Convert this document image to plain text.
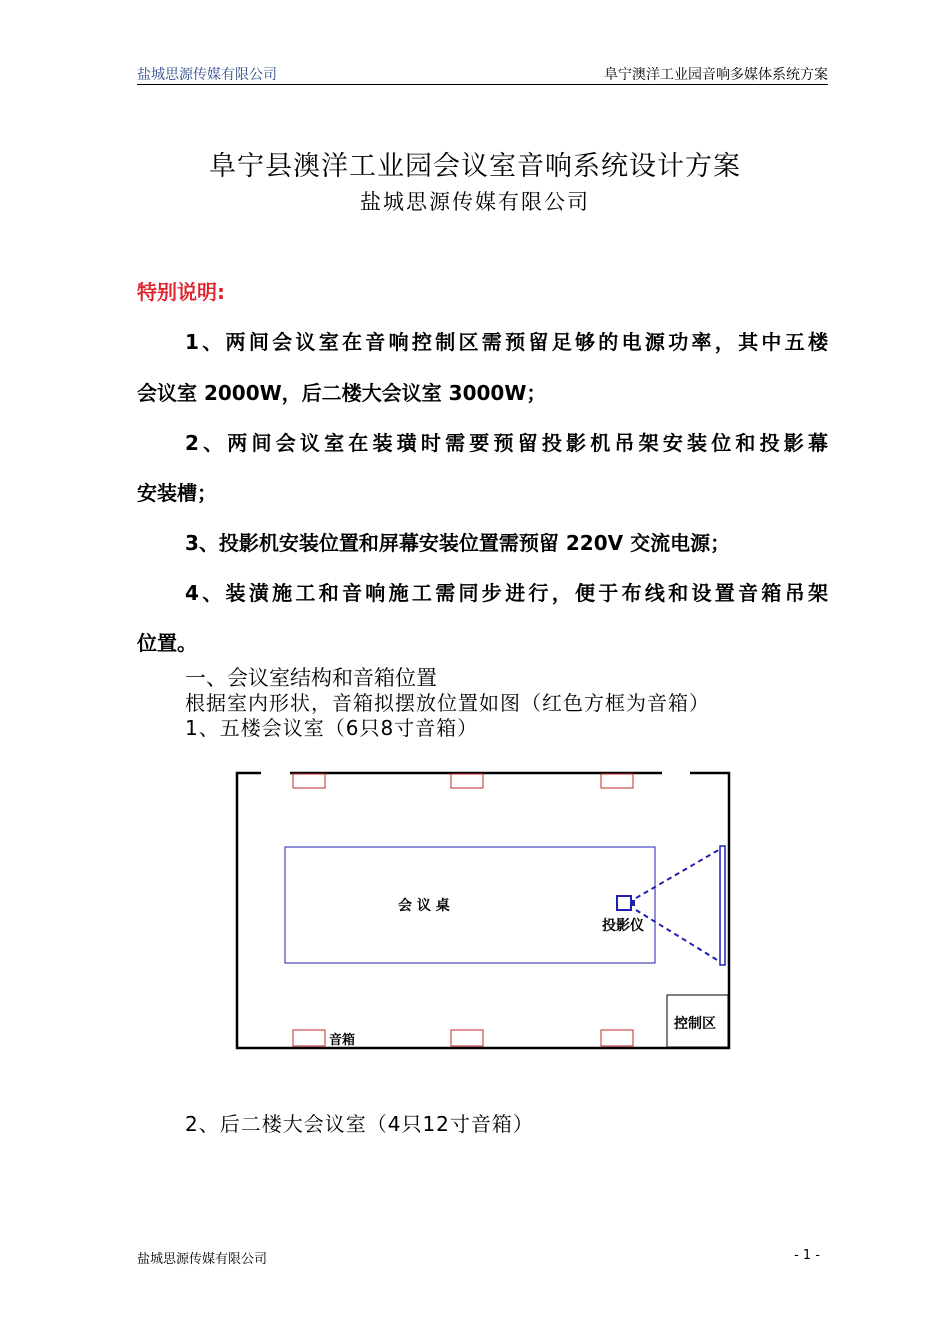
盐城思源传媒有限公司	阜宁澳洋工业园音响多媒体系统方案
阜宁县澳洋工业园会议室音响系统设计方案
盐城思源传媒有限公司
特别说明:
1、两间会议室在音响控制区需预留足够的电源功率，其中五楼
会议室 2000W，后二楼大会议室 3000W；
2、两间会议室在装璜时需要预留投影机吊架安装位和投影幕
安装槽；
3、投影机安装位置和屏幕安装位置需预留 220V 交流电源；
4、装潢施工和音响施工需同步进行，便于布线和设置音箱吊架
位置。
一、会议室结构和音箱位置
根据室内形状，音箱拟摆放位置如图（红色方框为音箱）
1、五楼会议室（6只8寸音箱）
会 议 桌
投影仪
控制区
音箱
2、后二楼大会议室（4只12寸音箱）
盐城思源传媒有限公司	- 1 -
